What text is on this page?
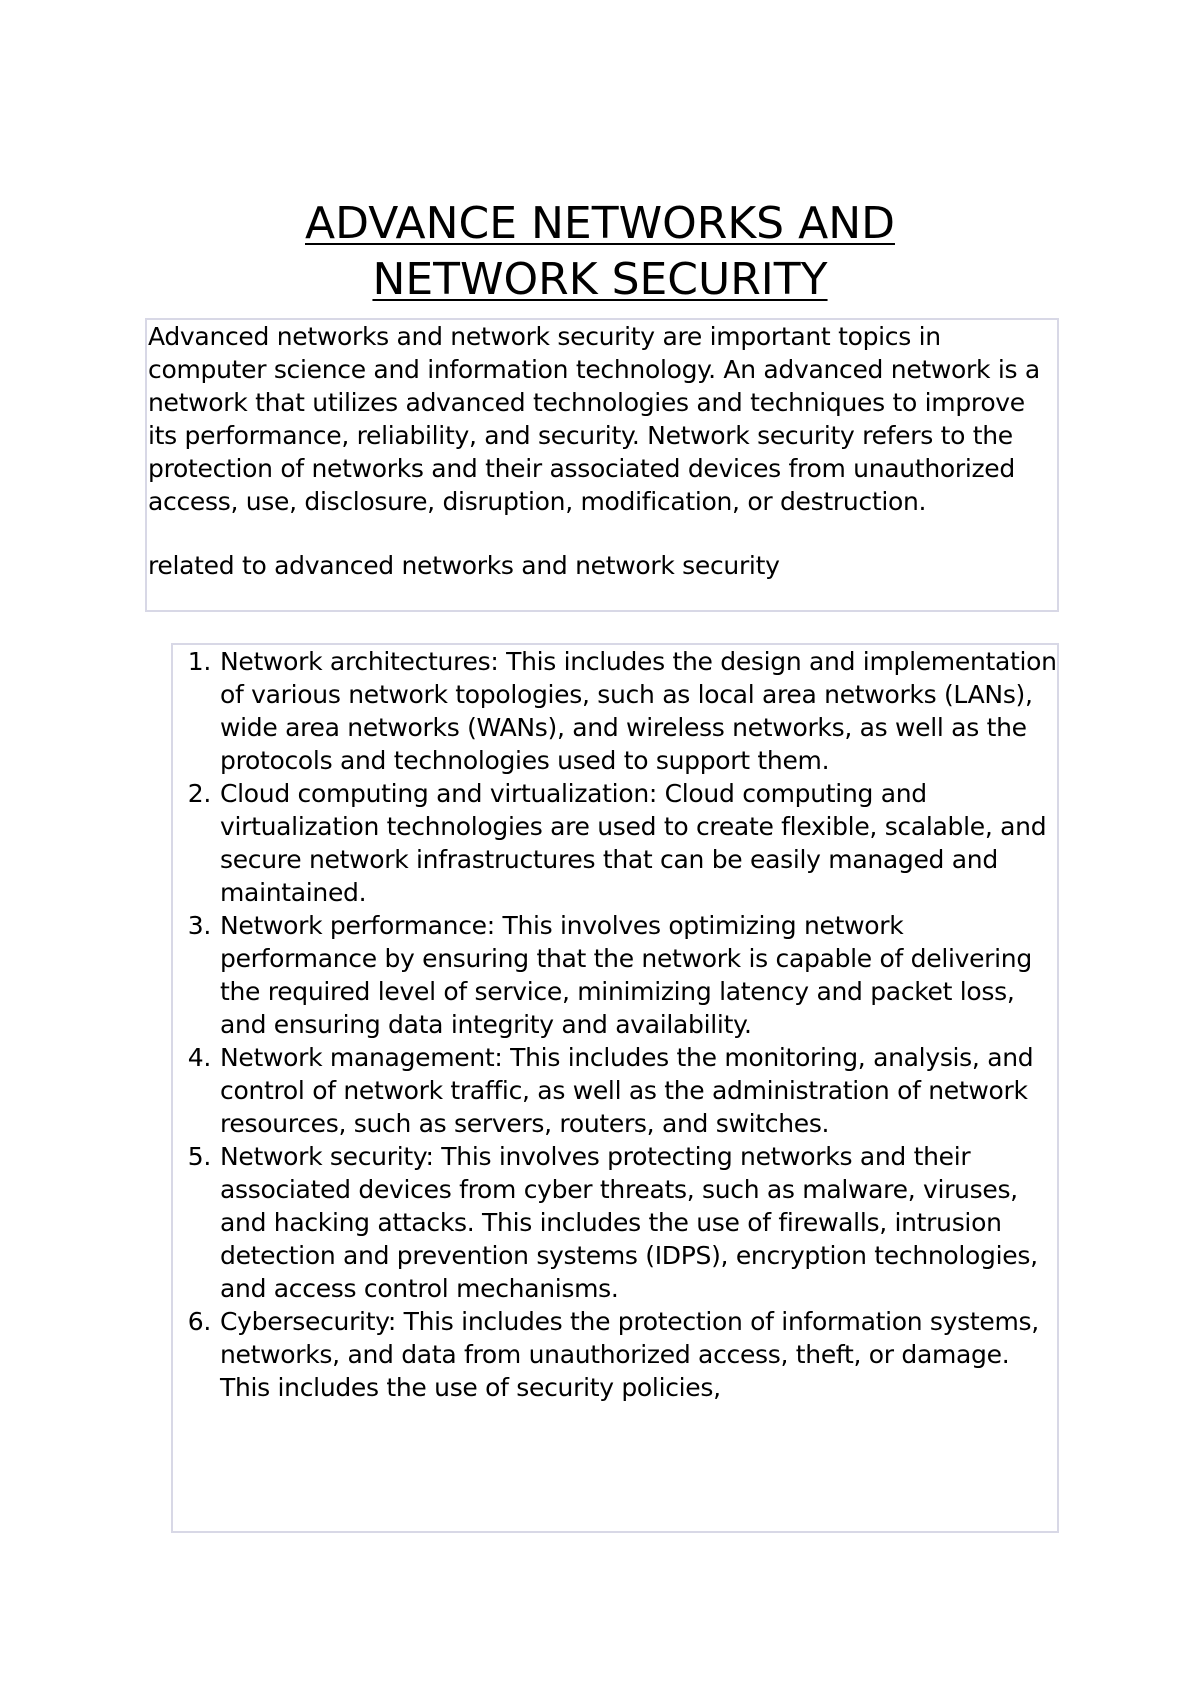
ADVANCE NETWORKS AND
NETWORK SECURITY

Advanced networks and network security are important topics in computer science and information technology. An advanced network is a network that utilizes advanced technologies and techniques to improve its performance, reliability, and security. Network security refers to the protection of networks and their associated devices from unauthorized access, use, disclosure, disruption, modification, or destruction.

related to advanced networks and network security

1. Network architectures: This includes the design and implementation of various network topologies, such as local area networks (LANs), wide area networks (WANs), and wireless networks, as well as the protocols and technologies used to support them.
2. Cloud computing and virtualization: Cloud computing and virtualization technologies are used to create flexible, scalable, and secure network infrastructures that can be easily managed and maintained.
3. Network performance: This involves optimizing network performance by ensuring that the network is capable of delivering the required level of service, minimizing latency and packet loss, and ensuring data integrity and availability.
4. Network management: This includes the monitoring, analysis, and control of network traffic, as well as the administration of network resources, such as servers, routers, and switches.
5. Network security: This involves protecting networks and their associated devices from cyber threats, such as malware, viruses, and hacking attacks. This includes the use of firewalls, intrusion detection and prevention systems (IDPS), encryption technologies, and access control mechanisms.
6. Cybersecurity: This includes the protection of information systems, networks, and data from unauthorized access, theft, or damage. This includes the use of security policies,
